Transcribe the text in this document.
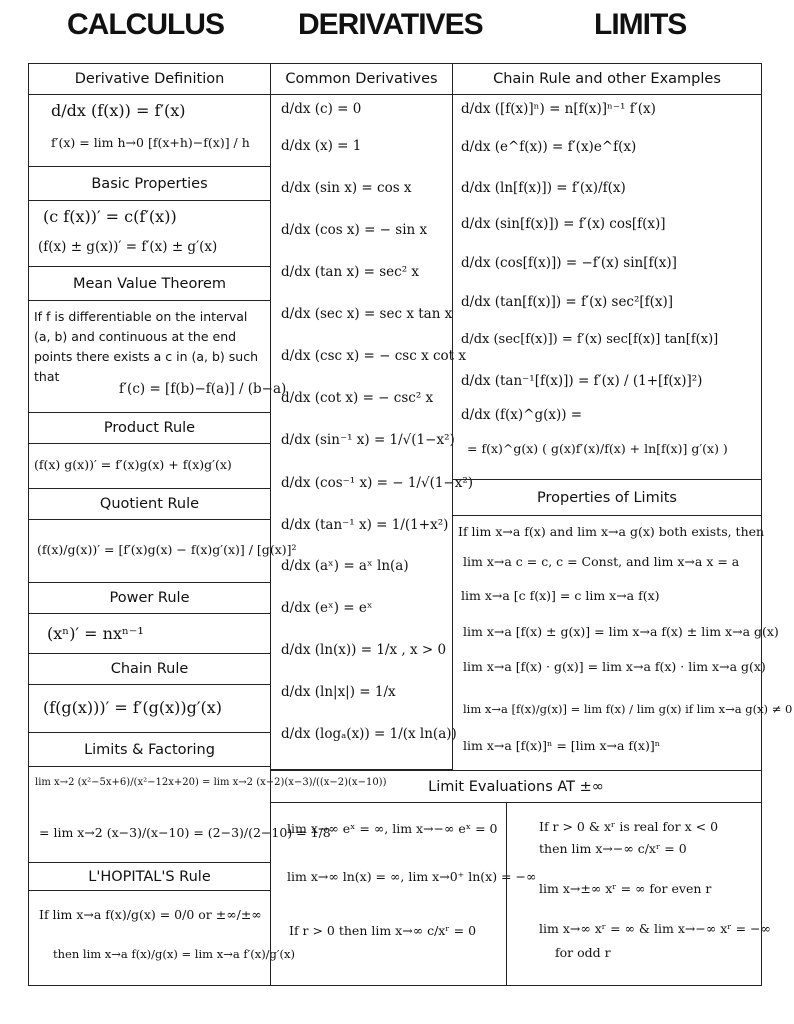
CALCULUS DERIVATIVES	LIMITS
Derivative Definition
d/dx (f(x)) = f′(x)
f′(x) = lim h→0 [f(x+h)−f(x)] / h
Basic Properties
(c f(x))′ = c(f′(x))
(f(x) ± g(x))′ = f′(x) ± g′(x)
Mean Value Theorem
If f is differentiable on the interval (a, b) and continuous at the end points there exists a c in (a, b) such that
f′(c) = [f(b)−f(a)] / (b−a)
Product Rule
(f(x) g(x))′ = f′(x)g(x) + f(x)g′(x)
Quotient Rule
(f(x)/g(x))′ = [f′(x)g(x) − f(x)g′(x)] / [g(x)]²
Power Rule
(xⁿ)′ = nxⁿ⁻¹
Chain Rule
(f(g(x)))′ = f′(g(x))g′(x)
Limits & Factoring
lim x→2 (x²−5x+6)/(x²−12x+20) = lim x→2 (x−2)(x−3)/((x−2)(x−10))
= lim x→2 (x−3)/(x−10) = (2−3)/(2−10) = 1/8
L'HOPITAL'S Rule
If lim x→a f(x)/g(x) = 0/0 or ±∞/±∞
then lim x→a f(x)/g(x) = lim x→a f′(x)/g′(x)
Common Derivatives
d/dx (c) = 0
d/dx (x) = 1
d/dx (sin x) = cos x
d/dx (cos x) = − sin x
d/dx (tan x) = sec² x
d/dx (sec x) = sec x tan x
d/dx (csc x) = − csc x cot x
d/dx (cot x) = − csc² x
d/dx (sin⁻¹ x) = 1/√(1−x²)
d/dx (cos⁻¹ x) = − 1/√(1−x²)
d/dx (tan⁻¹ x) = 1/(1+x²)
d/dx (aˣ) = aˣ ln(a)
d/dx (eˣ) = eˣ
d/dx (ln(x)) = 1/x , x > 0
d/dx (ln|x|) = 1/x
d/dx (logₐ(x)) = 1/(x ln(a))
Chain Rule and other Examples
d/dx ([f(x)]ⁿ) = n[f(x)]ⁿ⁻¹ f′(x)
d/dx (e^f(x)) = f′(x)e^f(x)
d/dx (ln[f(x)]) = f′(x)/f(x)
d/dx (sin[f(x)]) = f′(x) cos[f(x)]
d/dx (cos[f(x)]) = −f′(x) sin[f(x)]
d/dx (tan[f(x)]) = f′(x) sec²[f(x)]
d/dx (sec[f(x)]) = f′(x) sec[f(x)] tan[f(x)]
d/dx (tan⁻¹[f(x)]) = f′(x) / (1+[f(x)]²)
d/dx (f(x)^g(x)) =
= f(x)^g(x) ( g(x)f′(x)/f(x) + ln[f(x)] g′(x) )
Properties of Limits
If lim x→a f(x) and lim x→a g(x) both exists, then
lim x→a c = c, c = Const, and lim x→a x = a
lim x→a [c f(x)] = c lim x→a f(x)
lim x→a [f(x) ± g(x)] = lim x→a f(x) ± lim x→a g(x)
lim x→a [f(x) · g(x)] = lim x→a f(x) · lim x→a g(x)
lim x→a [f(x)/g(x)] = lim f(x) / lim g(x) if lim x→a g(x) ≠ 0
lim x→a [f(x)]ⁿ = [lim x→a f(x)]ⁿ
Limit Evaluations AT ±∞
lim x→∞ eˣ = ∞, lim x→−∞ eˣ = 0
lim x→∞ ln(x) = ∞, lim x→0⁺ ln(x) = −∞
If r > 0 then lim x→∞ c/xʳ = 0
If r > 0 & xʳ is real for x < 0
then lim x→−∞ c/xʳ = 0
lim x→±∞ xʳ = ∞ for even r
lim x→∞ xʳ = ∞ & lim x→−∞ xʳ = −∞
for odd r
